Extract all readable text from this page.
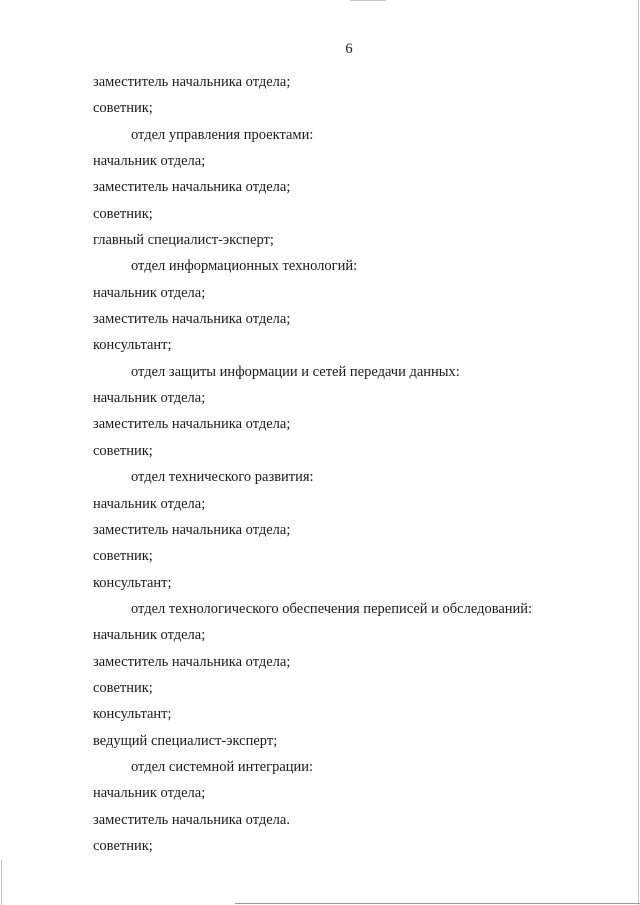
6
заместитель начальника отдела;
советник;
отдел управления проектами:
начальник отдела;
заместитель начальника отдела;
советник;
главный специалист-эксперт;
отдел информационных технологий:
начальник отдела;
заместитель начальника отдела;
консультант;
отдел защиты информации и сетей передачи данных:
начальник отдела;
заместитель начальника отдела;
советник;
отдел технического развития:
начальник отдела;
заместитель начальника отдела;
советник;
консультант;
отдел технологического обеспечения переписей и обследований:
начальник отдела;
заместитель начальника отдела;
советник;
консультант;
ведущий специалист-эксперт;
отдел системной интеграции:
начальник отдела;
заместитель начальника отдела.
советник;
